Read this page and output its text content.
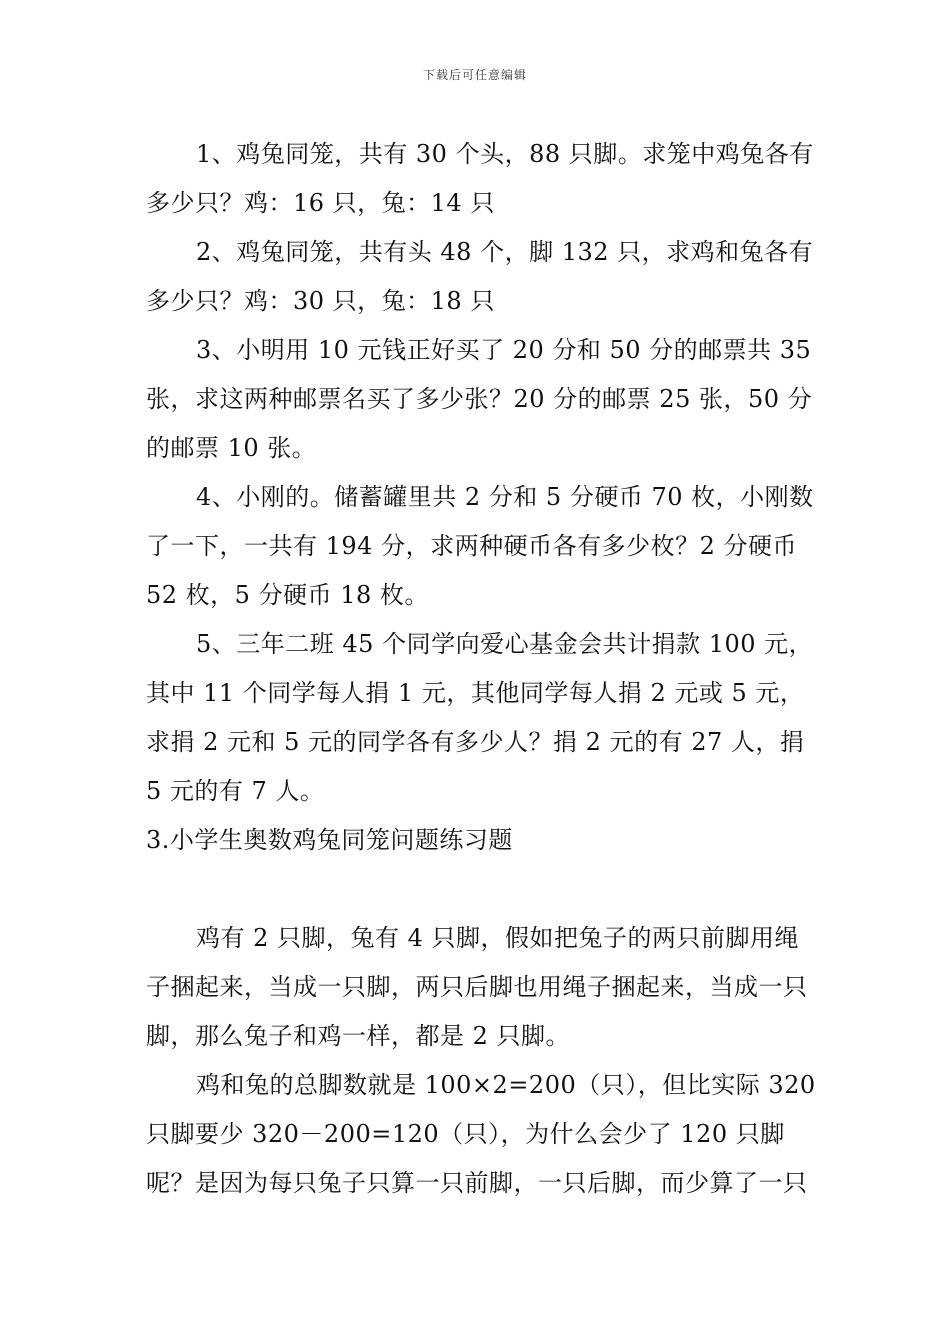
下载后可任意编辑

1、鸡兔同笼，共有 30 个头，88 只脚。求笼中鸡兔各有多少只？鸡：16 只，兔：14 只

2、鸡兔同笼，共有头 48 个，脚 132 只，求鸡和兔各有多少只？鸡：30 只，兔：18 只

3、小明用 10 元钱正好买了 20 分和 50 分的邮票共 35 张，求这两种邮票名买了多少张？20 分的邮票 25 张，50 分的邮票 10 张。

4、小刚的。储蓄罐里共 2 分和 5 分硬币 70 枚，小刚数了一下，一共有 194 分，求两种硬币各有多少枚？2 分硬币 52 枚，5 分硬币 18 枚。

5、三年二班 45 个同学向爱心基金会共计捐款 100 元，其中 11 个同学每人捐 1 元，其他同学每人捐 2 元或 5 元，求捐 2 元和 5 元的同学各有多少人？捐 2 元的有 27 人，捐 5 元的有 7 人。

3.小学生奥数鸡兔同笼问题练习题

鸡有 2 只脚，兔有 4 只脚，假如把兔子的两只前脚用绳子捆起来，当成一只脚，两只后脚也用绳子捆起来，当成一只脚，那么兔子和鸡一样，都是 2 只脚。

鸡和兔的总脚数就是 100×2=200（只），但比实际 320 只脚要少 320－200=120（只），为什么会少了 120 只脚呢？是因为每只兔子只算一只前脚，一只后脚，而少算了一只
